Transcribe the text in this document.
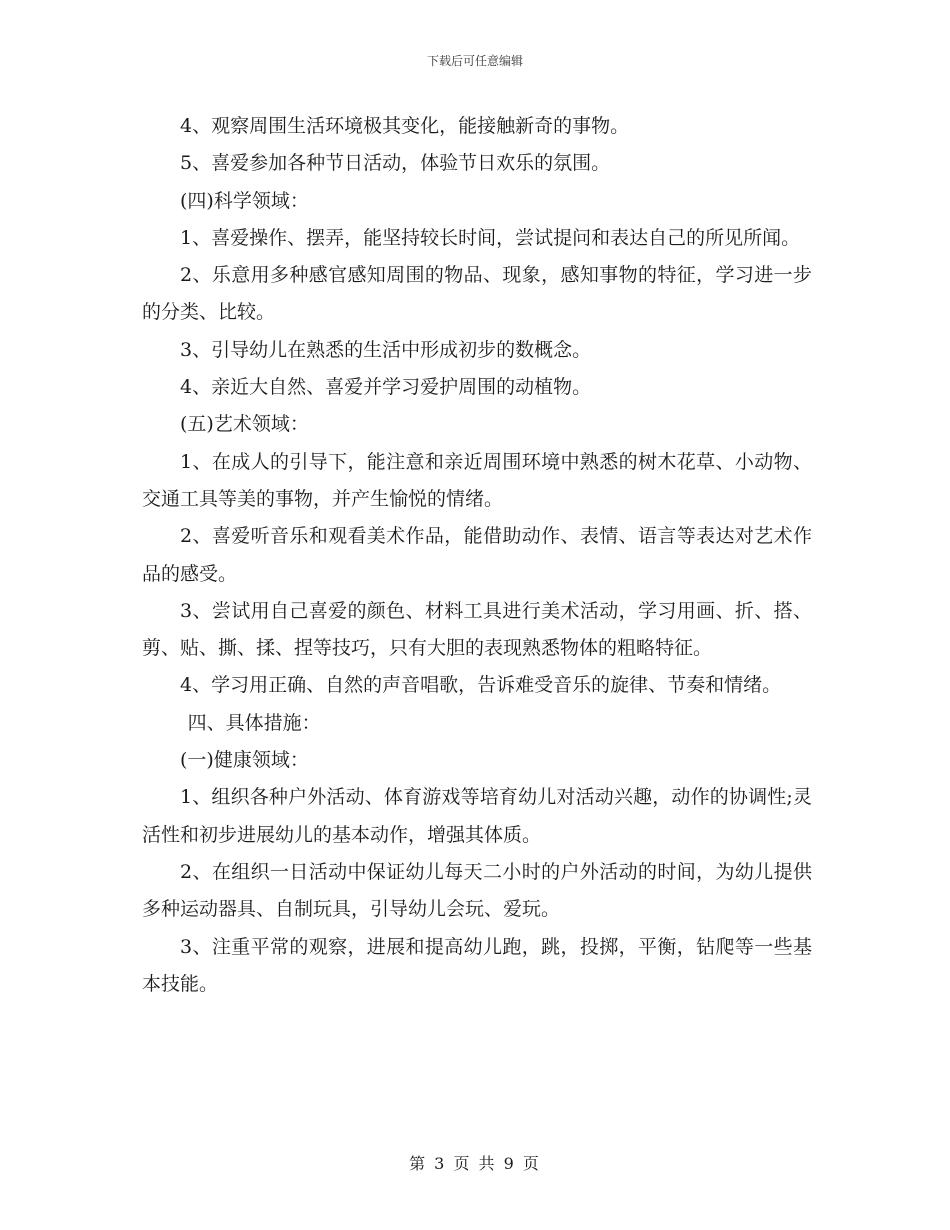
下载后可任意编辑

4、观察周围生活环境极其变化，能接触新奇的事物。

5、喜爱参加各种节日活动，体验节日欢乐的氛围。

(四)科学领域：

1、喜爱操作、摆弄，能坚持较长时间，尝试提问和表达自己的所见所闻。

2、乐意用多种感官感知周围的物品、现象，感知事物的特征，学习进一步的分类、比较。

3、引导幼儿在熟悉的生活中形成初步的数概念。

4、亲近大自然、喜爱并学习爱护周围的动植物。

(五)艺术领域：

1、在成人的引导下，能注意和亲近周围环境中熟悉的树木花草、小动物、交通工具等美的事物，并产生愉悦的情绪。

2、喜爱听音乐和观看美术作品，能借助动作、表情、语言等表达对艺术作品的感受。

3、尝试用自己喜爱的颜色、材料工具进行美术活动，学习用画、折、搭、剪、贴、撕、揉、捏等技巧，只有大胆的表现熟悉物体的粗略特征。

4、学习用正确、自然的声音唱歌，告诉难受音乐的旋律、节奏和情绪。

四、具体措施：

(一)健康领域：

1、组织各种户外活动、体育游戏等培育幼儿对活动兴趣，动作的协调性;灵活性和初步进展幼儿的基本动作，增强其体质。

2、在组织一日活动中保证幼儿每天二小时的户外活动的时间，为幼儿提供多种运动器具、自制玩具，引导幼儿会玩、爱玩。

3、注重平常的观察，进展和提高幼儿跑，跳，投掷，平衡，钻爬等一些基本技能。

第 3 页 共 9 页
